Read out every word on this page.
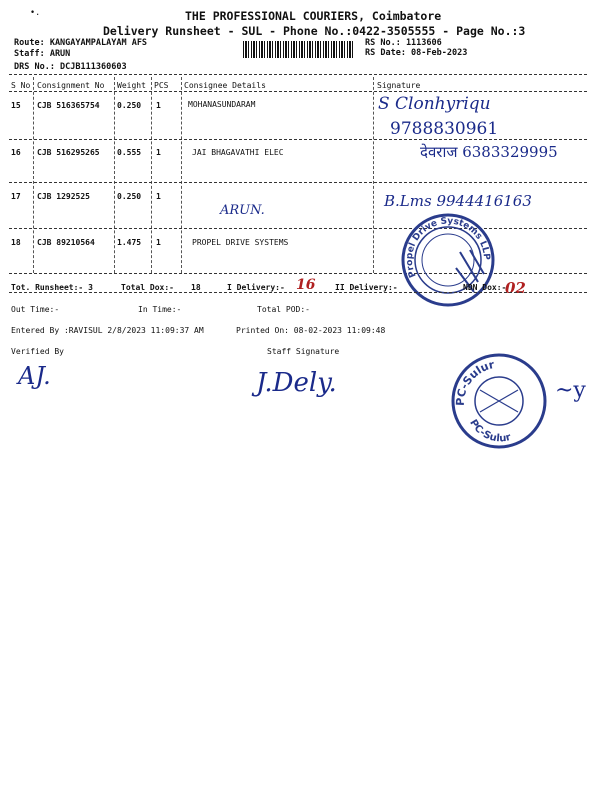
•.	THE PROFESSIONAL COURIERS, Coimbatore
Delivery Runsheet - SUL - Phone No.:0422-3505555 - Page No.:3
Route: KANGAYAMPALAYAM AFS
Staff: ARUN
DRS No.: DCJB111360603
RS No.: 1113606
RS Date: 08-Feb-2023
S No Consignment No Weight PCS Consignee Details	Signature
15 CJB 516365754 0.250 1	MOHANASUNDARAM	S Clonhyriqu
9788830961
16 CJB 516295265 0.555 1	JAI BHAGAVATHI ELEC	देवराज 6383329995
17 CJB 1292525	0.250 1
ARUN.
B.Lms 9944416163
18 CJB 89210564	1.475 1	PROPEL DRIVE SYSTEMS
Propel Drive Systems LLP
Tot. Runsheet:- 3	Total Dox:- 18	I Delivery:- 16 II Delivery:-	NDN Dox:-
02
Out Time:-	In Time:-	Total POD:-
Entered By :RAVISUL 2/8/2023 11:09:37 AM	Printed On: 08-02-2023 11:09:48
Verified By	Staff Signature
AJ.	J.Dely.	~y
PC-Sulur
PC-Sulur
